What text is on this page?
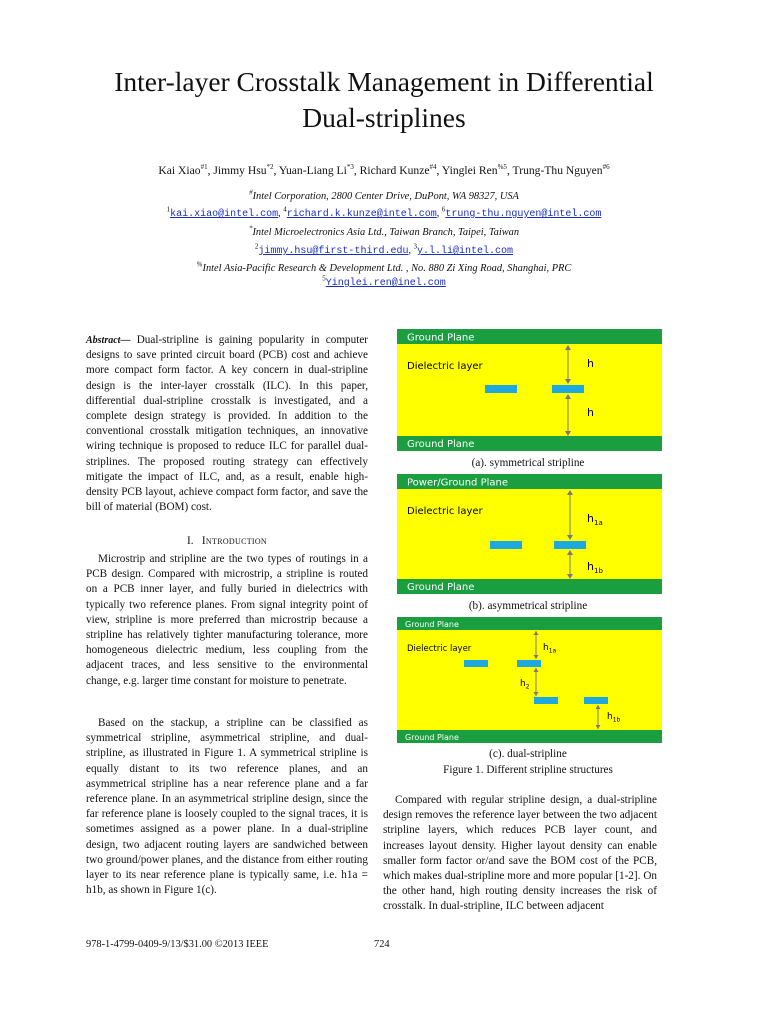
Inter-layer Crosstalk Management in Differential
Dual-striplines
Kai Xiao$^{\#1}$, Jimmy Hsu$^{*2}$, Yuan-Liang Li$^{*3}$, Richard Kunze$^{\#4}$, Yinglei Ren$^{\%5}$, Trung-Thu Nguyen$^{\#6}$
#Intel Corporation, 2800 Center Drive, DuPont, WA 98327, USA
$^1$kai.xiao@intel.com, $^4$richard.k.kunze@intel.com, $^6$trung-thu.nguyen@intel.com
*Intel Microelectronics Asia Ltd., Taiwan Branch, Taipei, Taiwan
$^2$jimmy.hsu@first-third.edu, $^3$y.l.li@intel.com
%Intel Asia-Pacific Research & Development Ltd. , No. 880 Zi Xing Road, Shanghai, PRC
$^5$Yinglei.ren@inel.com

Abstract— Dual-stripline is gaining popularity in computer designs to save printed circuit board (PCB) cost and achieve more compact form factor. A key concern in dual-stripline design is the inter-layer crosstalk (ILC). In this paper, differential dual-stripline crosstalk is investigated, and a complete design strategy is provided. In addition to the conventional crosstalk mitigation techniques, an innovative wiring technique is proposed to reduce ILC for parallel dual-striplines. The proposed routing strategy can effectively mitigate the impact of ILC, and, as a result, enable high-density PCB layout, achieve compact form factor, and save the bill of material (BOM) cost.

I. Introduction

Microstrip and stripline are the two types of routings in a PCB design. Compared with microstrip, a stripline is routed on a PCB inner layer, and fully buried in dielectrics with typically two reference planes. From signal integrity point of view, stripline is more preferred than microstrip because a stripline has relatively tighter manufacturing tolerance, more homogeneous dielectric medium, less coupling from the adjacent traces, and less sensitive to the environmental change, e.g. larger time constant for moisture to penetrate.

Based on the stackup, a stripline can be classified as symmetrical stripline, asymmetrical stripline, and dual-stripline, as illustrated in Figure 1. A symmetrical stripline is equally distant to its two reference planes, and an asymmetrical stripline has a near reference plane and a far reference plane. In an asymmetrical stripline design, since the far reference plane is loosely coupled to the signal traces, it is sometimes assigned as a power plane. In a dual-stripline design, two adjacent routing layers are sandwiched between two ground/power planes, and the distance from either routing layer to its near reference plane is typically same, i.e. h1a = h1b, as shown in Figure 1(c).

Ground Plane
Dielectric layer	h
h
Ground Plane
(a). symmetrical stripline
Power/Ground Plane
Dielectric layer
$h_{1a}$
$h_{1b}$
Ground Plane
(b). asymmetrical stripline
Ground Plane
Dielectric layer	$h_{1a}$
$h_2$
$h_{1b}$
Ground Plane
(c). dual-stripline
Figure 1. Different stripline structures

Compared with regular stripline design, a dual-stripline design removes the reference layer between the two adjacent stripline layers, which reduces PCB layer count, and increases layout density. Higher layout density can enable smaller form factor or/and save the BOM cost of the PCB, which makes dual-stripline more and more popular [1-2]. On the other hand, high routing density increases the risk of crosstalk. In dual-stripline, ILC between adjacent

978-1-4799-0409-9/13/$31.00 ©2013 IEEE	724
